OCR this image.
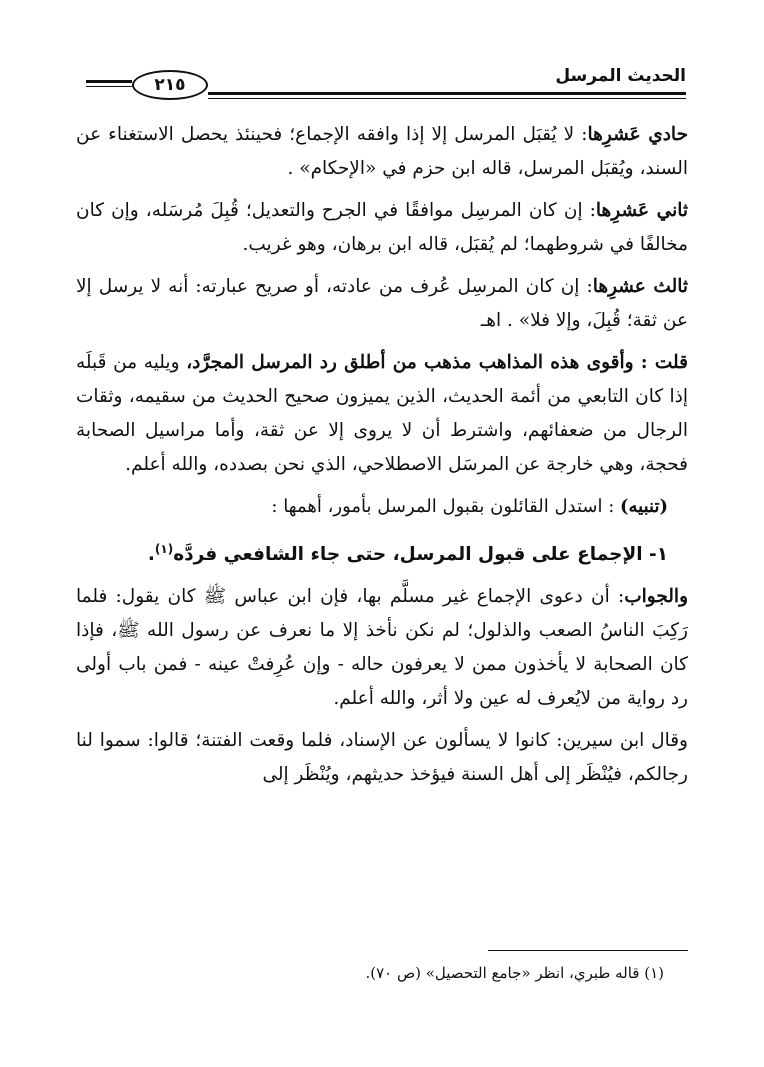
٢١٥	الحديث المرسل

حادي عَشرِها: لا يُقبَل المرسل إلا إذا وافقه الإجماع؛ فحينئذ يحصل الاستغناء عن السند، ويُقبَل المرسل، قاله ابن حزم في «الإحكام» .

ثاني عَشرِها: إن كان المرسِل موافقًا في الجرح والتعديل؛ قُبِلَ مُرسَله، وإن كان مخالفًا في شروطهما؛ لم يُقبَل، قاله ابن برهان، وهو غريب.

ثالث عشرِها: إن كان المرسِل عُرف من عادته، أو صريح عبارته: أنه لا يرسل إلا عن ثقة؛ قُبِلَ، وإلا فلا» . اهـ

قلت : وأقوى هذه المذاهب مذهب من أطلق رد المرسل المجرَّد، ويليه من قَبلَه إذا كان التابعي من أئمة الحديث، الذين يميزون صحيح الحديث من سقيمه، وثقات الرجال من ضعفائهم، واشترط أن لا يروى إلا عن ثقة، وأما مراسيل الصحابة فحجة، وهي خارجة عن المرسَل الاصطلاحي، الذي نحن بصدده، والله أعلم.

(تنبيه) : استدل القائلون بقبول المرسل بأمور، أهمها :

١- الإجماع على قبول المرسل، حتى جاء الشافعي فردَّه$^{(١)}$.

والجواب: أن دعوى الإجماع غير مسلَّم بها، فإن ابن عباس ﷺ كان يقول: فلما رَكِبَ الناسُ الصعب والذلول؛ لم نكن نأخذ إلا ما نعرف عن رسول الله ﷺ، فإذا كان الصحابة لا يأخذون ممن لا يعرفون حاله - وإن عُرِفتْ عينه - فمن باب أولى رد رواية من لايُعرف له عين ولا أثر، والله أعلم.

وقال ابن سيرين: كانوا لا يسألون عن الإسناد، فلما وقعت الفتنة؛ قالوا: سموا لنا رجالكم، فيُنْظَر إلى أهل السنة فيؤخذ حديثهم، ويُنْظَر إلى

(١) قاله طبري، انظر «جامع التحصيل» (ص ٧٠).
